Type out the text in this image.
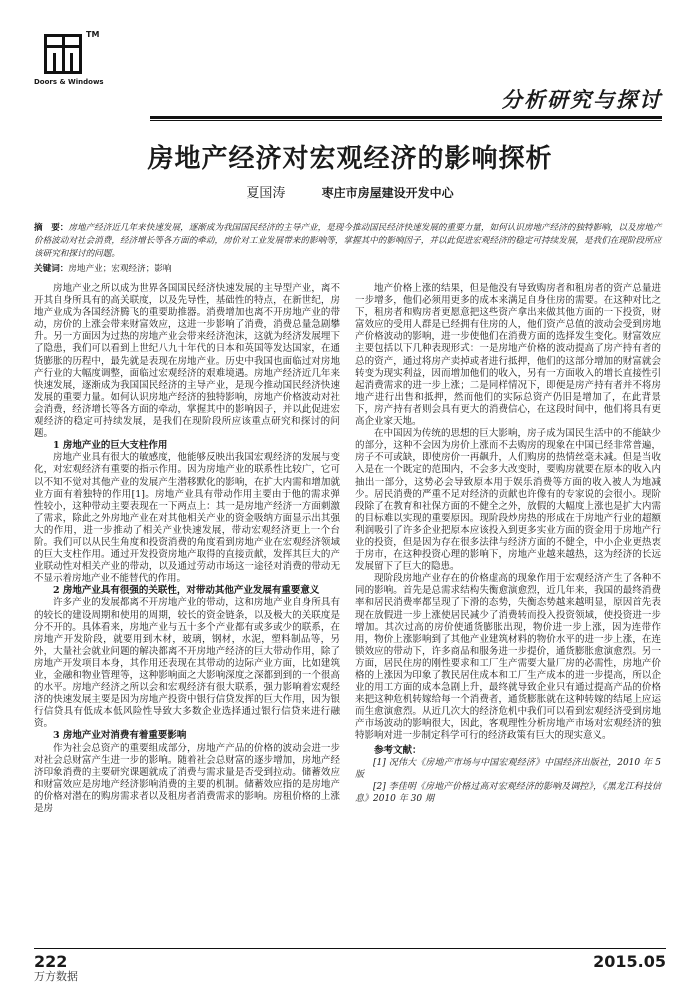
TM
Doors & Windows
分析研究与探讨
房地产经济对宏观经济的影响探析
夏国涛	枣庄市房屋建设开发中心
摘　要：房地产经济近几年来快速发展，逐渐成为我国国民经济的主导产业，是现今推动国民经济快速发展的重要力量，如何认识房地产经济的独特影响，以及房地产价格波动对社会消费，经济增长等各方面的牵动，房价对工业发展带来的影响等，掌握其中的影响因子，并以此促进宏观经济的稳定可持续发展，是我们在现阶段所应该研究和探讨的问题。
关键词：房地产业；宏观经济；影响

房地产业之所以成为世界各国国民经济快速发展的主导型产业，离不开其自身所具有的高关联度，以及先导性，基础性的特点，在新世纪，房地产业成为各国经济腾飞的重要助推器。消费增加也离不开房地产业的带动，房价的上涨会带来财富效应，这进一步影响了消费，消费总量急剧攀升。另一方面因为过热的房地产业会带来经济泡沫，这就为经济发展埋下了隐患，我们可以看到上世纪八九十年代的日本和英国等发达国家，在通货膨胀的历程中，最先就是表现在房地产业。历史中我国也面临过对房地产行业的大幅度调整，面临过宏观经济的艰难境遇。房地产经济近几年来快速发展，逐渐成为我国国民经济的主导产业，是现今推动国民经济快速发展的重要力量。如何认识房地产经济的独特影响，房地产价格波动对社会消费，经济增长等各方面的牵动，掌握其中的影响因子，并以此促进宏观经济的稳定可持续发展，是我们在现阶段所应该重点研究和探讨的问题。

1 房地产业的巨大支柱作用

房地产业具有很大的敏感度，他能够反映出我国宏观经济的发展与变化，对宏观经济有重要的指示作用。因为房地产业的联系性比较广，它可以不知不觉对其他产业的发展产生潜移默化的影响，在扩大内需和增加就业方面有着独特的作用[1]。房地产业具有带动作用主要由于他的需求弹性较小，这种带动主要表现在一下两点上：其一是房地产经济一方面刺激了需求，除此之外房地产业在对其他相关产业的资金吸纳方面显示出其强大的作用，进一步推动了相关产业快速发展，带动宏观经济更上一个台阶。我们可以从民生角度和投资消费的角度看到房地产业在宏观经济领域的巨大支柱作用。通过开发投资房地产取得的直接贡献，发挥其巨大的产业联动性对相关产业的带动，以及通过劳动市场这一途径对消费的带动无不显示着房地产业不能替代的作用。

2 房地产业具有很强的关联性，对带动其他产业发展有重要意义

许多产业的发展都离不开房地产业的带动，这和房地产业自身所具有的较长的建设周期和使用的周期，较长的资金链条，以及极大的关联度是分不开的。具体看来，房地产业与五十多个产业都有或多或少的联系，在房地产开发阶段，就要用到木材，玻璃，钢材，水泥，塑料制品等，另外，大量社会就业问题的解决都离不开房地产经济的巨大带动作用，除了房地产开发项目本身，其作用还表现在其带动的边际产业方面，比如建筑业，金融和物业管理等，这种影响面之大影响深度之深都到到的一个很高的水平。房地产经济之所以会和宏观经济有很大联系，强力影响着宏观经济的快速发展主要是因为房地产投资中银行信贷发挥的巨大作用，因为银行信贷具有低成本低风险性导致大多数企业选择通过银行信贷来进行融资。

3 房地产业对消费有着重要影响

作为社会总资产的重要组成部分，房地产产品的价格的波动会进一步对社会总财富产生进一步的影响。随着社会总财富的逐步增加，房地产经济印象消费的主要研究课题就成了消费与需求量是否受到拉动。储蓄效应和财富效应是房地产经济影响消费的主要的机制。储蓄效应指的是房地产的价格对潜在的购房需求者以及租房者消费需求的影响。房租价格的上涨是房

地产价格上涨的结果，但是他没有导致购房者和租房者的资产总量进一步增多，他们必须用更多的成本来满足自身住房的需要。在这种对比之下，租房者和购房者更愿意把这些资产拿出来做其他方面的一下投资，财富效应的受用人群是已经拥有住房的人，他们资产总值的波动会受到房地产价格波动的影响，进一步使他们在消费方面的选择发生变化。财富效应主要包括以下几种表现形式：一是房地产价格的波动提高了房产持有者的总的资产，通过将房产卖掉或者进行抵押，他们的这部分增加的财富就会转变为现实利益，因而增加他们的收入，另有一方面收入的增长直接性引起消费需求的进一步上涨；二是同样情况下，即便是房产持有者并不将房地产进行出售和抵押，然而他们的实际总资产仍旧是增加了，在此背景下，房产持有者则会具有更大的消费信心，在这段时间中，他们将具有更高企业家天地。

在中国因为传统的思想的巨大影响，房子成为国民生活中的不能缺少的部分，这种不会因为房价上涨而不去购房的现象在中国已经非常普遍，房子不可或缺，即使房价一再飙升，人们购房的热情丝毫未减。但是当收入是在一个既定的范围内，不会多大改变时，要购房就要在原本的收入内抽出一部分，这势必会导致原本用于娱乐消费等方面的收入被人为地减少。居民消费的严重不足对经济的贡献也许像有的专家说的会很小。现阶段除了在教育和社保方面的不健全之外，放假的大幅度上涨也是扩大内需的目标难以实现的重要原因。现阶段炒房热的形成在于房地产行业的超额利润吸引了许多企业把原本应该投入到更多实业方面的资金用于房地产行业的投资，但是因为存在很多法律与经济方面的不健全，中小企业更热衷于房市，在这种投资心理的影响下，房地产业越来越热，这为经济的长远发展留下了巨大的隐患。

现阶段房地产业存在的价格虚高的现象作用于宏观经济产生了各种不同的影响。首先是总需求结构失衡愈演愈烈，近几年来，我国的最终消费率和居民消费率都呈现了下滑的态势，失衡态势越来越明显，原因首先表现在放假进一步上涨使居民减少了消费转而投入投资领域，使投资进一步增加。其次过高的房价使通货膨胀出现，物价进一步上涨，因为连带作用，物价上涨影响到了其他产业建筑材料的物价水平的进一步上涨，在连锁效应的带动下，许多商品和服务进一步提价，通货膨胀愈演愈烈。另一方面，居民住房的刚性要求和工厂生产需要大量厂房的必需性，房地产价格的上涨因为印象了教民居住成本和工厂生产成本的进一步提高，所以企业的用工方面的成本急剧上升，最终就导致企业只有通过提高产品的价格来把这种危机转嫁给每一个消费者，通货膨胀就在这种转嫁的结尾上应运而生愈演愈烈。从近几次大的经济危机中我们可以看到宏观经济受到房地产市场波动的影响很大，因此，客观理性分析房地产市场对宏观经济的独特影响对进一步制定科学可行的经济政策有巨大的现实意义。

参考文献：
[1] 况伟大《房地产市场与中国宏观经济》中国经济出版社，2010 年 5 版
[2] 李佳明《房地产价格过高对宏观经济的影响及调控》，《黑龙江科技信息》2010 年 30 期
222
万方数据
2015.05
